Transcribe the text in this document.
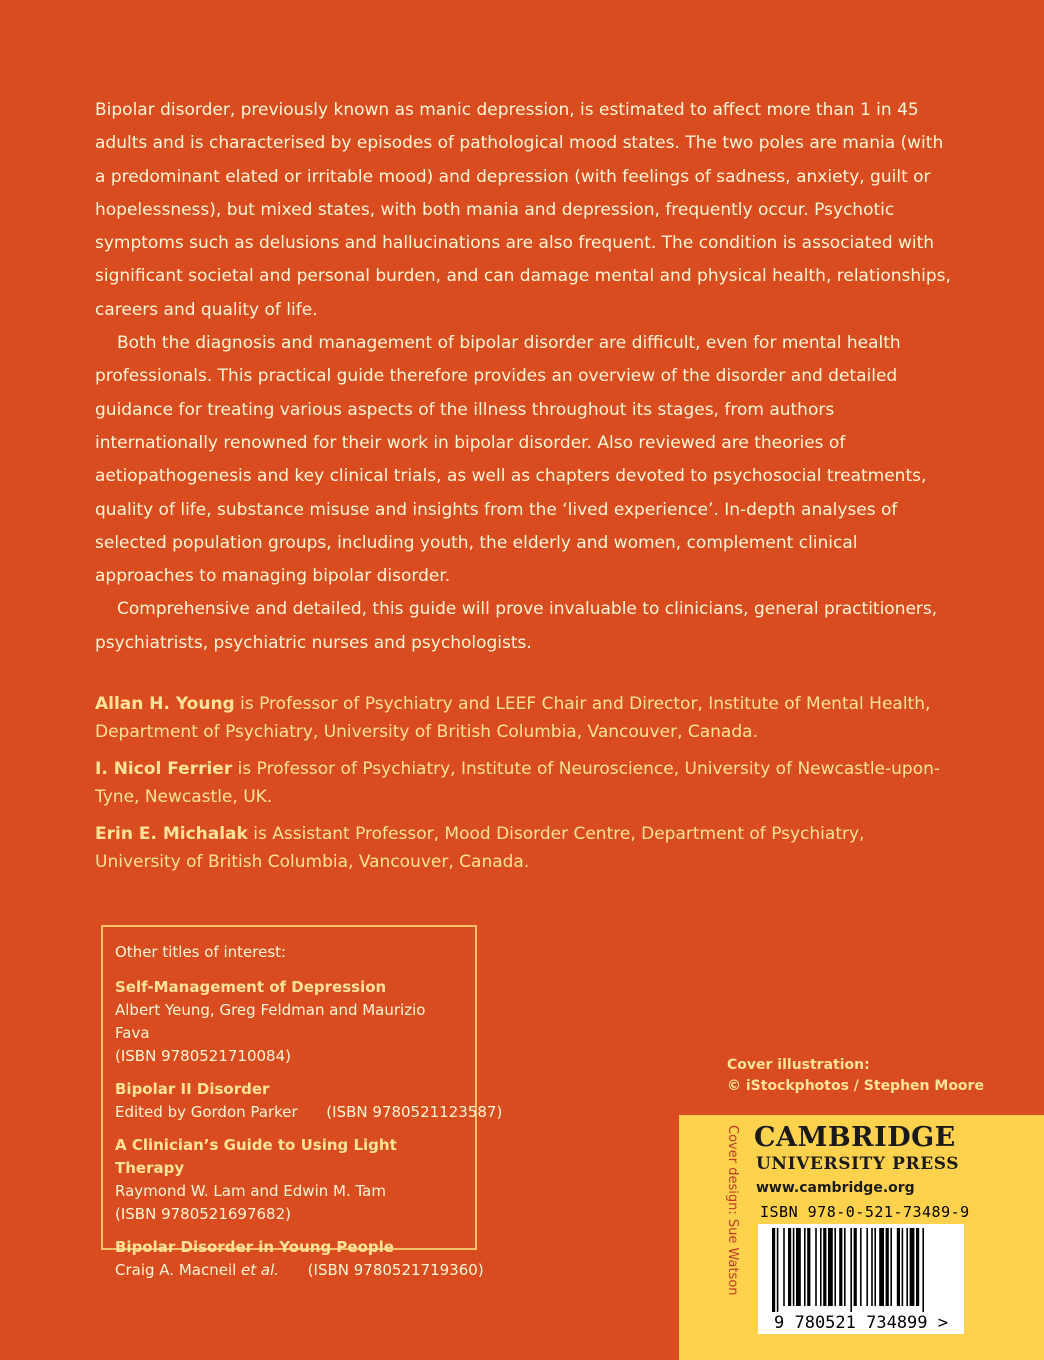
Bipolar disorder, previously known as manic depression, is estimated to affect more than 1 in 45 adults and is characterised by episodes of pathological mood states. The two poles are mania (with a predominant elated or irritable mood) and depression (with feelings of sadness, anxiety, guilt or hopelessness), but mixed states, with both mania and depression, frequently occur. Psychotic symptoms such as delusions and hallucinations are also frequent. The condition is associated with significant societal and personal burden, and can damage mental and physical health, relationships, careers and quality of life.

Both the diagnosis and management of bipolar disorder are difficult, even for mental health professionals. This practical guide therefore provides an overview of the disorder and detailed guidance for treating various aspects of the illness throughout its stages, from authors internationally renowned for their work in bipolar disorder. Also reviewed are theories of aetiopathogenesis and key clinical trials, as well as chapters devoted to psychosocial treatments, quality of life, substance misuse and insights from the ‘lived experience’. In-depth analyses of selected population groups, including youth, the elderly and women, complement clinical approaches to managing bipolar disorder.

Comprehensive and detailed, this guide will prove invaluable to clinicians, general practitioners, psychiatrists, psychiatric nurses and psychologists.

Allan H. Young is Professor of Psychiatry and LEEF Chair and Director, Institute of Mental Health, Department of Psychiatry, University of British Columbia, Vancouver, Canada.

I. Nicol Ferrier is Professor of Psychiatry, Institute of Neuroscience, University of Newcastle-upon-Tyne, Newcastle, UK.

Erin E. Michalak is Assistant Professor, Mood Disorder Centre, Department of Psychiatry, University of British Columbia, Vancouver, Canada.

Other titles of interest:
Self-Management of Depression
Albert Yeung, Greg Feldman and Maurizio Fava
(ISBN 9780521710084)
Bipolar II Disorder
Edited by Gordon Parker      (ISBN 9780521123587)
A Clinician’s Guide to Using Light Therapy
Raymond W. Lam and Edwin M. Tam
(ISBN 9780521697682)
Bipolar Disorder in Young People
Craig A. Macneil et al.      (ISBN 9780521719360)
Cover illustration:
© iStockphotos / Stephen Moore
Cover design: Sue Watson CAMBRIDGE
UNIVERSITY PRESS
www.cambridge.org
ISBN 978-0-521-73489-9
9 780521 734899 >
